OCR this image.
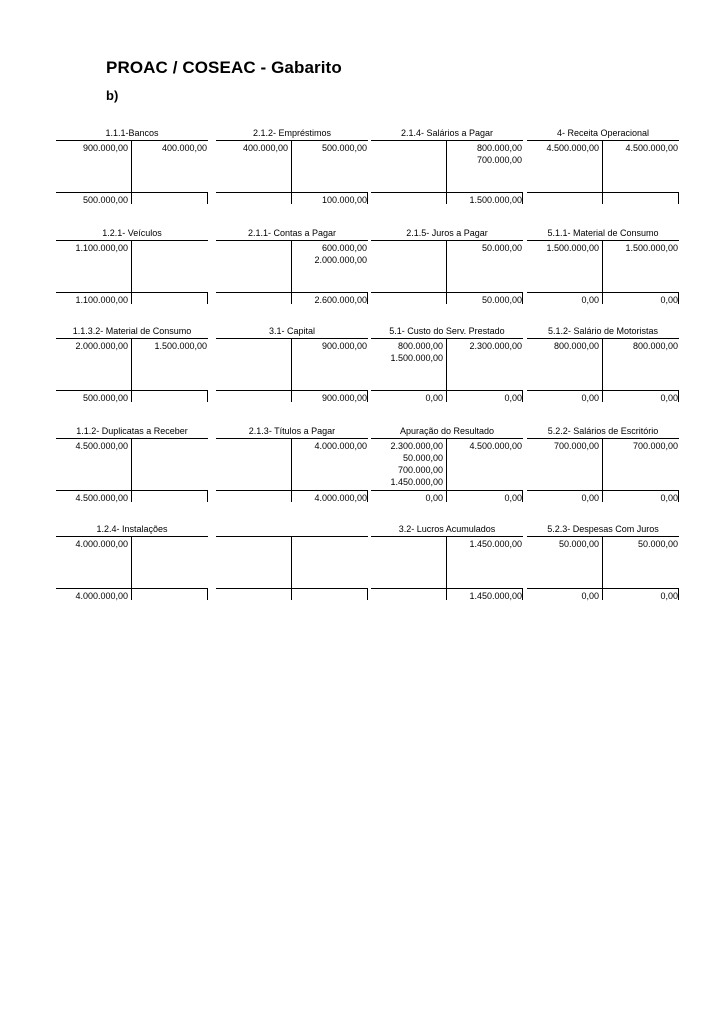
PROAC / COSEAC - Gabarito
b)
1.1.1-Bancos
900.000,00
500.000,00
400.000,00
2.1.2- Empréstimos
400.000,00	500.000,00
100.000,00
2.1.4- Salários a Pagar
800.000,00
700.000,00
1.500.000,00
4- Receita Operacional
4.500.000,00	4.500.000,00
1.2.1- Veículos
1.100.000,00
1.100.000,00
2.1.1- Contas a Pagar
600.000,00
2.000.000,00
2.600.000,00
2.1.5- Juros a Pagar
50.000,00
50.000,00
5.1.1- Material de Consumo
1.500.000,00
0,00
1.500.000,00
0,00
1.1.3.2- Material de Consumo
2.000.000,00
500.000,00
1.500.000,00
3.1- Capital
900.000,00
900.000,00
5.1- Custo do Serv. Prestado
800.000,00
1.500.000,00
0,00
2.300.000,00
0,00
5.1.2- Salário de Motoristas
800.000,00
0,00
800.000,00
0,00
1.1.2- Duplicatas a Receber
4.500.000,00
4.500.000,00
2.1.3- Títulos a Pagar
4.000.000,00
4.000.000,00
Apuração do Resultado
2.300.000,00
50.000,00
700.000,00
1.450.000,00
0,00
4.500.000,00
0,00
5.2.2- Salários de Escritório
700.000,00
0,00
700.000,00
0,00
1.2.4- Instalações
4.000.000,00
4.000.000,00
3.2- Lucros Acumulados
1.450.000,00
1.450.000,00
5.2.3- Despesas Com Juros
50.000,00
0,00
50.000,00
0,00
